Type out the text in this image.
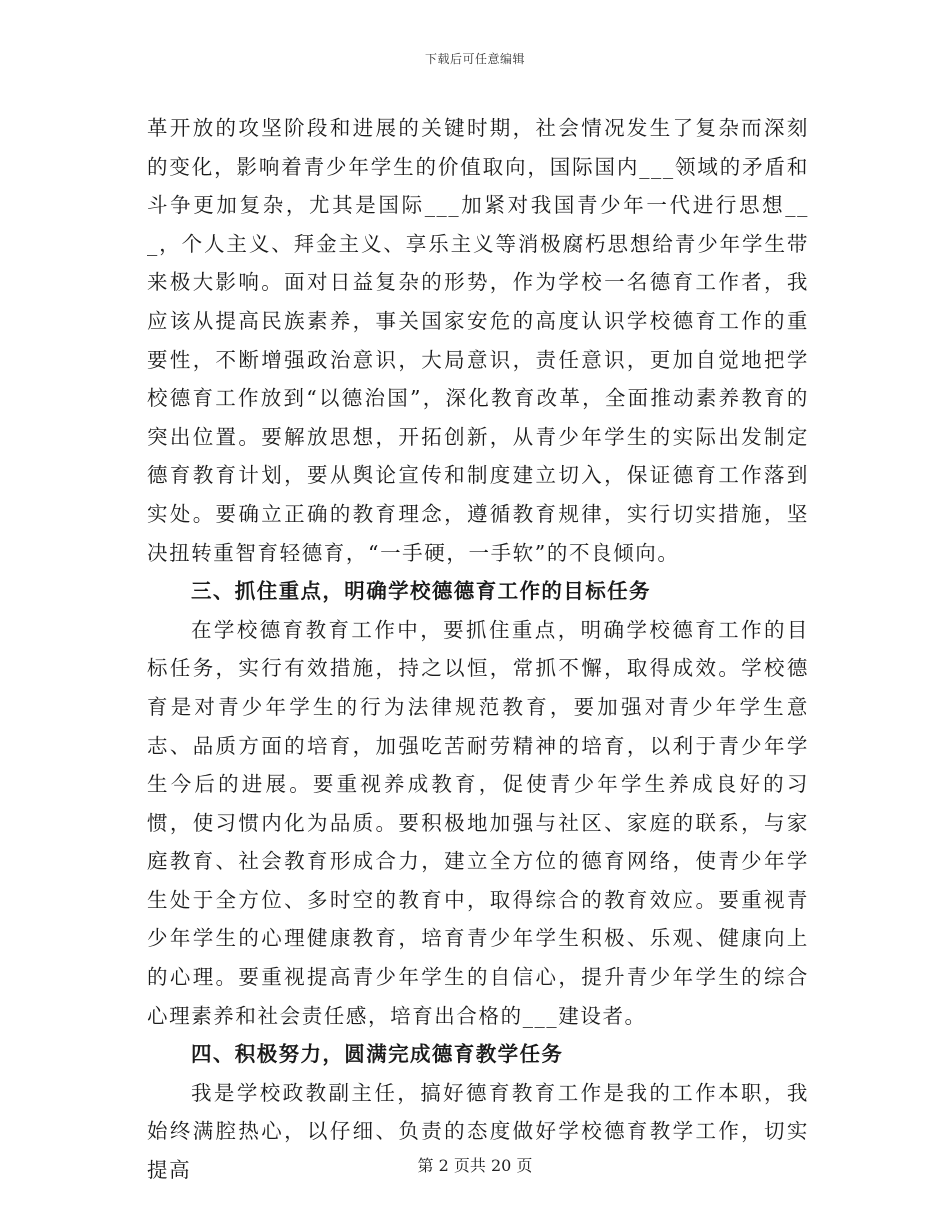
下载后可任意编辑

革开放的攻坚阶段和进展的关键时期，社会情况发生了复杂而深刻的变化，影响着青少年学生的价值取向，国际国内___领域的矛盾和斗争更加复杂，尤其是国际___加紧对我国青少年一代进行思想___，个人主义、拜金主义、享乐主义等消极腐朽思想给青少年学生带来极大影响。面对日益复杂的形势，作为学校一名德育工作者，我应该从提高民族素养，事关国家安危的高度认识学校德育工作的重要性，不断增强政治意识，大局意识，责任意识，更加自觉地把学校德育工作放到“以德治国”，深化教育改革，全面推动素养教育的突出位置。要解放思想，开拓创新，从青少年学生的实际出发制定德育教育计划，要从舆论宣传和制度建立切入，保证德育工作落到实处。要确立正确的教育理念，遵循教育规律，实行切实措施，坚决扭转重智育轻德育，“一手硬，一手软”的不良倾向。

三、抓住重点，明确学校德德育工作的目标任务

在学校德育教育工作中，要抓住重点，明确学校德育工作的目标任务，实行有效措施，持之以恒，常抓不懈，取得成效。学校德育是对青少年学生的行为法律规范教育，要加强对青少年学生意志、品质方面的培育，加强吃苦耐劳精神的培育，以利于青少年学生今后的进展。要重视养成教育，促使青少年学生养成良好的习惯，使习惯内化为品质。要积极地加强与社区、家庭的联系，与家庭教育、社会教育形成合力，建立全方位的德育网络，使青少年学生处于全方位、多时空的教育中，取得综合的教育效应。要重视青少年学生的心理健康教育，培育青少年学生积极、乐观、健康向上的心理。要重视提高青少年学生的自信心，提升青少年学生的综合心理素养和社会责任感，培育出合格的___建设者。

四、积极努力，圆满完成德育教学任务

我是学校政教副主任，搞好德育教育工作是我的工作本职，我始终满腔热心，以仔细、负责的态度做好学校德育教学工作，切实提高	第 2 页共 20 页
